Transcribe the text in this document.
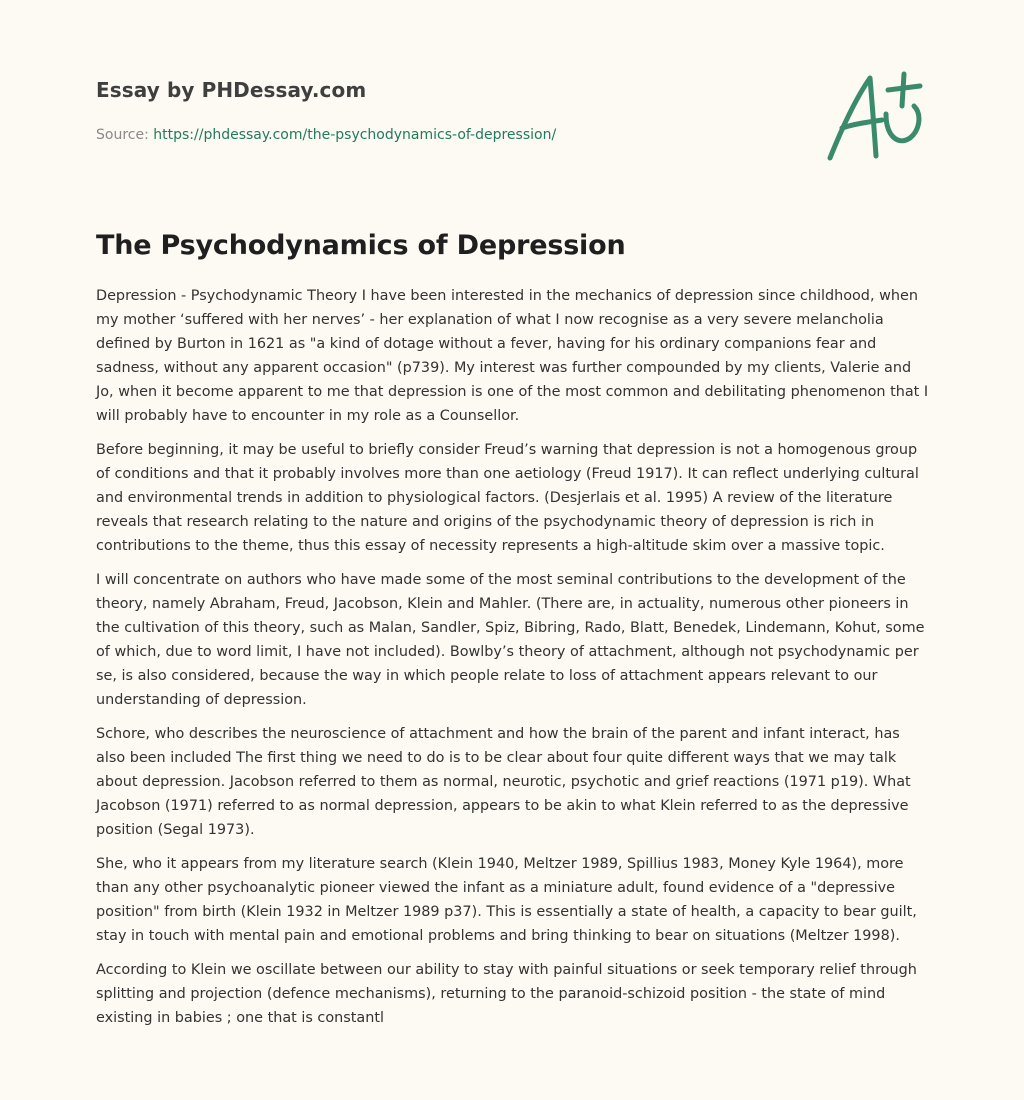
Essay by PHDessay.com
Source: https://phdessay.com/the-psychodynamics-of-depression/
The Psychodynamics of Depression

Depression - Psychodynamic Theory I have been interested in the mechanics of depression since childhood, when my mother ‘suffered with her nerves’ - her explanation of what I now recognise as a very severe melancholia defined by Burton in 1621 as "a kind of dotage without a fever, having for his ordinary companions fear and sadness, without any apparent occasion" (p739). My interest was further compounded by my clients, Valerie and Jo, when it become apparent to me that depression is one of the most common and debilitating phenomenon that I will probably have to encounter in my role as a Counsellor.

Before beginning, it may be useful to briefly consider Freud’s warning that depression is not a homogenous group of conditions and that it probably involves more than one aetiology (Freud 1917). It can reflect underlying cultural and environmental trends in addition to physiological factors. (Desjerlais et al. 1995) A review of the literature reveals that research relating to the nature and origins of the psychodynamic theory of depression is rich in contributions to the theme, thus this essay of necessity represents a high-altitude skim over a massive topic.

I will concentrate on authors who have made some of the most seminal contributions to the development of the theory, namely Abraham, Freud, Jacobson, Klein and Mahler. (There are, in actuality, numerous other pioneers in the cultivation of this theory, such as Malan, Sandler, Spiz, Bibring, Rado, Blatt, Benedek, Lindemann, Kohut, some of which, due to word limit, I have not included). Bowlby’s theory of attachment, although not psychodynamic per se, is also considered, because the way in which people relate to loss of attachment appears relevant to our understanding of depression.

Schore, who describes the neuroscience of attachment and how the brain of the parent and infant interact, has also been included The first thing we need to do is to be clear about four quite different ways that we may talk about depression. Jacobson referred to them as normal, neurotic, psychotic and grief reactions (1971 p19). What Jacobson (1971) referred to as normal depression, appears to be akin to what Klein referred to as the depressive position (Segal 1973).

She, who it appears from my literature search (Klein 1940, Meltzer 1989, Spillius 1983, Money Kyle 1964), more than any other psychoanalytic pioneer viewed the infant as a miniature adult, found evidence of a "depressive position" from birth (Klein 1932 in Meltzer 1989 p37). This is essentially a state of health, a capacity to bear guilt, stay in touch with mental pain and emotional problems and bring thinking to bear on situations (Meltzer 1998).

According to Klein we oscillate between our ability to stay with painful situations or seek temporary relief through splitting and projection (defence mechanisms), returning to the paranoid-schizoid position - the state of mind existing in babies ; one that is constantl
